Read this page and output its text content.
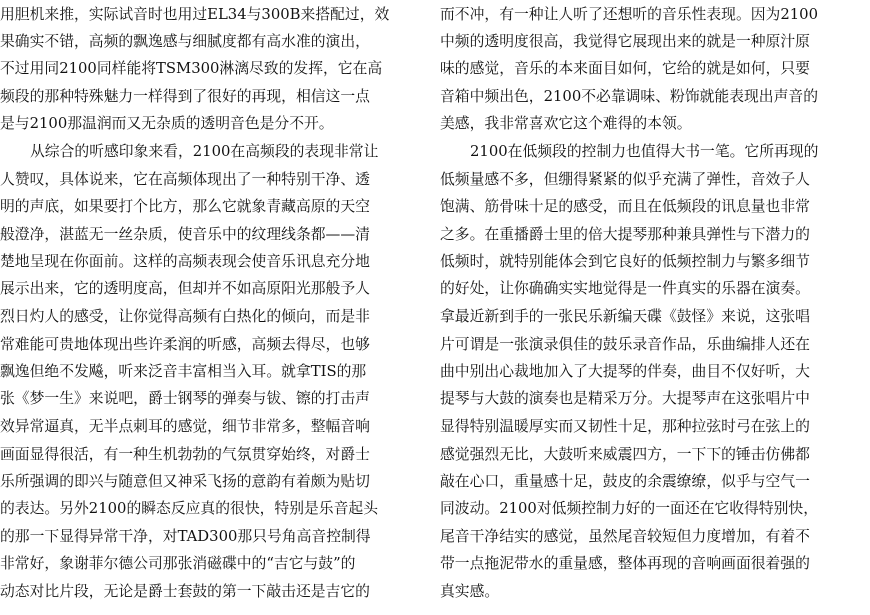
用胆机来推，实际试音时也用过EL34与300B来搭配过，效
果确实不错，高频的飘逸感与细腻度都有高水准的演出，
不过用同2100同样能将TSM300淋漓尽致的发挥，它在高
频段的那种特殊魅力一样得到了很好的再现，相信这一点
是与2100那温润而又无杂质的透明音色是分不开。
从综合的听感印象来看，2100在高频段的表现非常让
人赞叹，具体说来，它在高频体现出了一种特别干净、透
明的声底，如果要打个比方，那么它就象青藏高原的天空
般澄净，湛蓝无一丝杂质，使音乐中的纹理线条都——清
楚地呈现在你面前。这样的高频表现会使音乐讯息充分地
展示出来，它的透明度高，但却并不如高原阳光那般予人
烈日灼人的感受，让你觉得高频有白热化的倾向，而是非
常难能可贵地体现出些许柔润的听感，高频去得尽，也够
飘逸但绝不发飚，听来泛音丰富相当入耳。就拿TIS的那
张《梦一生》来说吧，爵士钢琴的弹奏与钹、镲的打击声
效异常逼真，无半点刺耳的感觉，细节非常多，整幅音响
画面显得很活，有一种生机勃勃的气氛贯穿始终，对爵士
乐所强调的即兴与随意但又神采飞扬的意韵有着颇为贴切
的表达。另外2100的瞬态反应真的很快，特别是乐音起头
的那一下显得异常干净，对TAD300那只号角高音控制得
非常好，象谢菲尔德公司那张消磁碟中的“吉它与鼓”的
动态对比片段，无论是爵士套鼓的第一下敲击还是吉它的
而不冲，有一种让人听了还想听的音乐性表现。因为2100
中频的透明度很高，我觉得它展现出来的就是一种原汁原
味的感觉，音乐的本来面目如何，它给的就是如何，只要
音箱中频出色，2100不必靠调味、粉饰就能表现出声音的
美感，我非常喜欢它这个难得的本领。
2100在低频段的控制力也值得大书一笔。它所再现的
低频量感不多，但绷得紧紧的似乎充满了弹性，音效子人
饱满、筋骨味十足的感受，而且在低频段的讯息量也非常
之多。在重播爵士里的倍大提琴那种兼具弹性与下潜力的
低频时，就特别能体会到它良好的低频控制力与繁多细节
的好处，让你确确实实地觉得是一件真实的乐器在演奏。
拿最近新到手的一张民乐新编天碟《鼓怪》来说，这张唱
片可谓是一张演录俱佳的鼓乐录音作品，乐曲编排人还在
曲中别出心裁地加入了大提琴的伴奏，曲目不仅好听，大
提琴与大鼓的演奏也是精采万分。大提琴声在这张唱片中
显得特别温暖厚实而又韧性十足，那种拉弦时弓在弦上的
感觉强烈无比，大鼓听来威震四方，一下下的锤击仿佛都
敲在心口，重量感十足，鼓皮的余震缭缭，似乎与空气一
同波动。2100对低频控制力好的一面还在它收得特别快，
尾音干净结实的感觉，虽然尾音较短但力度增加，有着不
带一点拖泥带水的重量感，整体再现的音响画面很着强的
真实感。
